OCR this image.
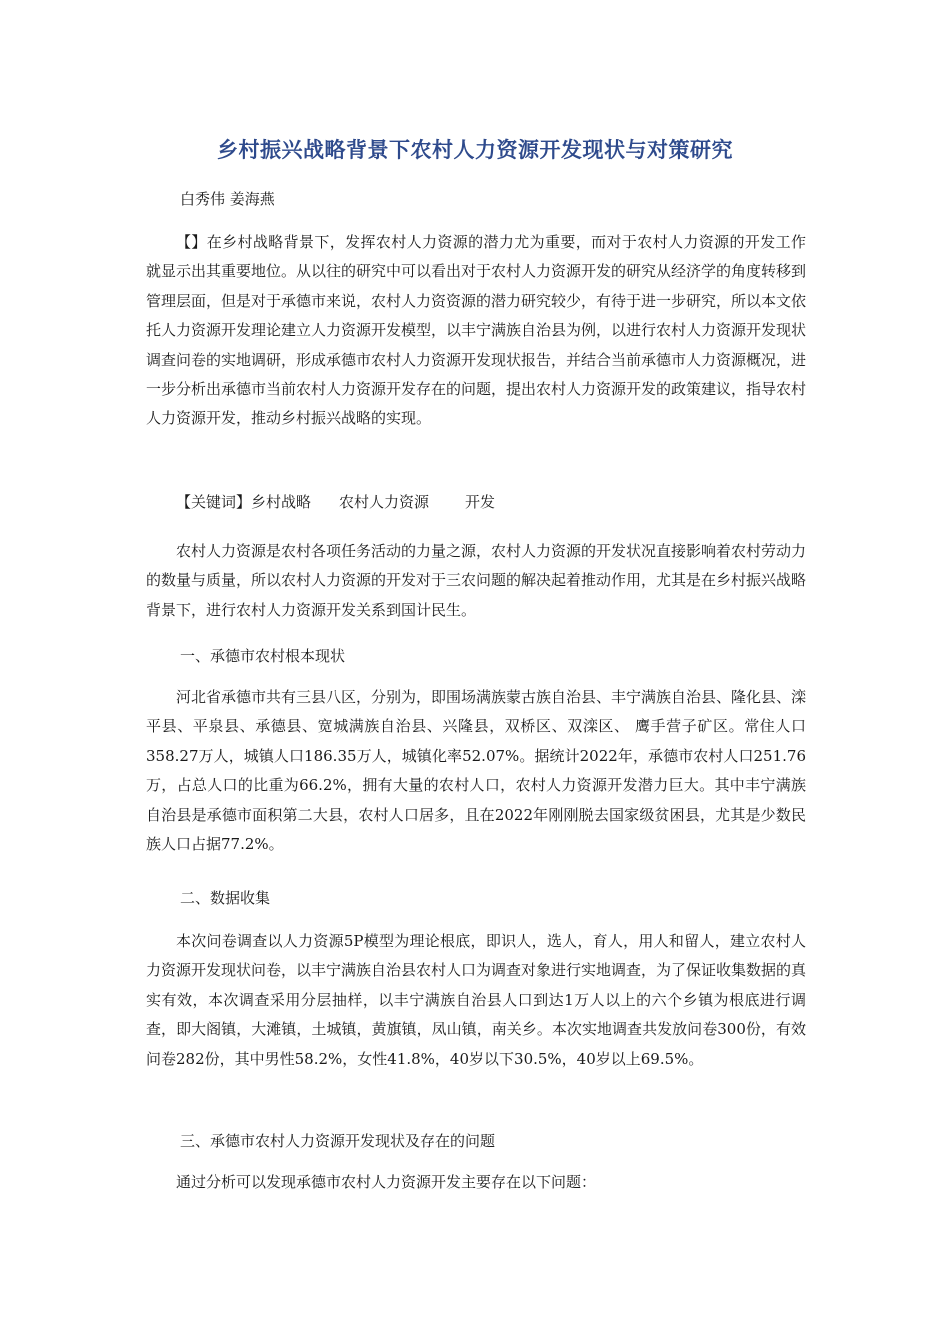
乡村振兴战略背景下农村人力资源开发现状与对策研究
白秀伟 姜海燕

【】在乡村战略背景下，发挥农村人力资源的潜力尤为重要，而对于农村人力资源的开发工作就显示出其重要地位。从以往的研究中可以看出对于农村人力资源开发的研究从经济学的角度转移到管理层面，但是对于承德市来说，农村人力资资源的潜力研究较少，有待于进一步研究，所以本文依托人力资源开发理论建立人力资源开发模型，以丰宁满族自治县为例，以进行农村人力资源开发现状调查问卷的实地调研，形成承德市农村人力资源开发现状报告，并结合当前承德市人力资源概况，进一步分析出承德市当前农村人力资源开发存在的问题，提出农村人力资源开发的政策建议，指导农村人力资源开发，推动乡村振兴战略的实现。

【关键词】乡村战略 农村人力资源 开发

农村人力资源是农村各项任务活动的力量之源，农村人力资源的开发状况直接影响着农村劳动力的数量与质量，所以农村人力资源的开发对于三农问题的解决起着推动作用，尤其是在乡村振兴战略背景下，进行农村人力资源开发关系到国计民生。

一、承德市农村根本现状

河北省承德市共有三县八区，分别为，即围场满族蒙古族自治县、丰宁满族自治县、隆化县、滦平县、平泉县、承德县、宽城满族自治县、兴隆县，双桥区、双滦区、 鹰手营子矿区。常住人口358.27万人，城镇人口186.35万人，城镇化率52.07%。据统计2022年，承德市农村人口251.76万，占总人口的比重为66.2%，拥有大量的农村人口，农村人力资源开发潜力巨大。其中丰宁满族自治县是承德市面积第二大县，农村人口居多，且在2022年刚刚脱去国家级贫困县，尤其是少数民族人口占据77.2%。

二、数据收集

本次问卷调查以人力资源5P模型为理论根底，即识人，选人，育人，用人和留人，建立农村人力资源开发现状问卷，以丰宁满族自治县农村人口为调查对象进行实地调查，为了保证收集数据的真实有效，本次调查采用分层抽样，以丰宁满族自治县人口到达1万人以上的六个乡镇为根底进行调查，即大阁镇，大滩镇，土城镇，黄旗镇，凤山镇，南关乡。本次实地调查共发放问卷300份，有效问卷282份，其中男性58.2%，女性41.8%，40岁以下30.5%，40岁以上69.5%。

三、承德市农村人力资源开发现状及存在的问题

通过分析可以发现承德市农村人力资源开发主要存在以下问题：
